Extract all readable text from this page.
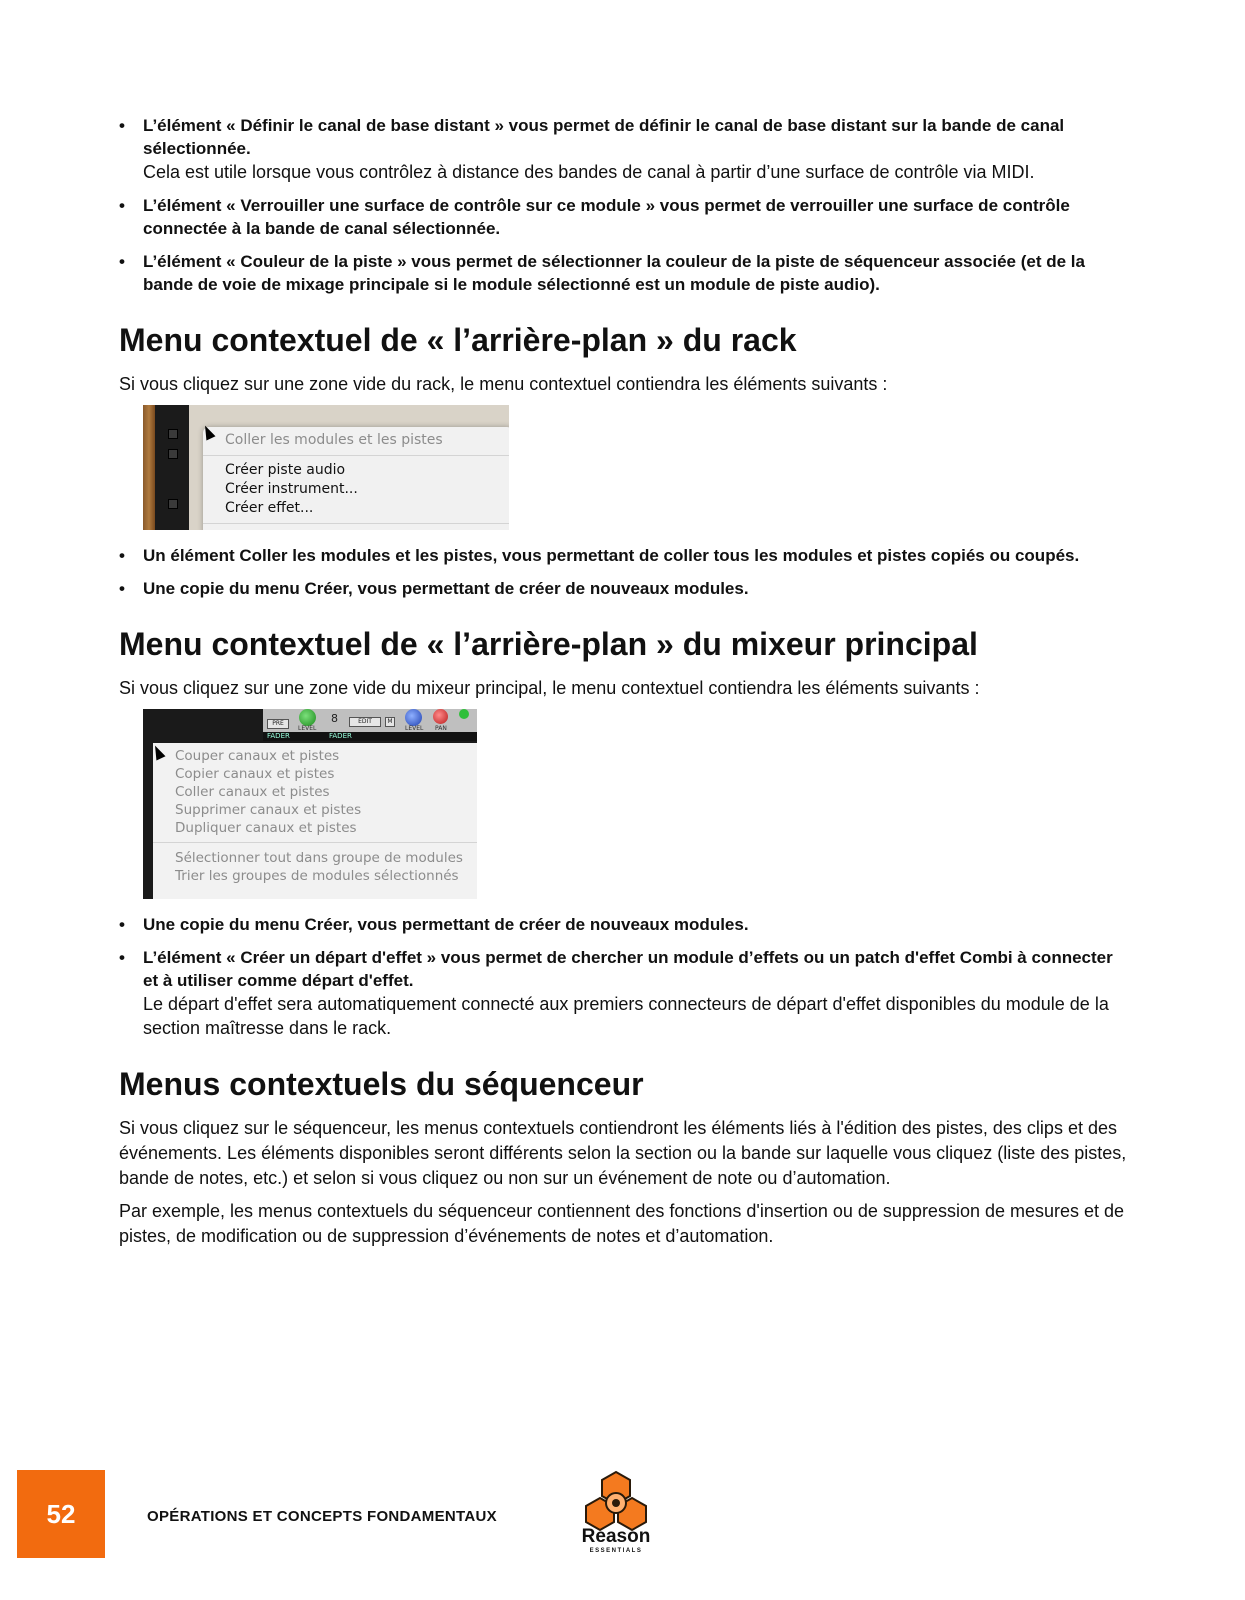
• L’élément « Définir le canal de base distant » vous permet de définir le canal de base distant sur la bande de canal sélectionnée.
Cela est utile lorsque vous contrôlez à distance des bandes de canal à partir d’une surface de contrôle via MIDI.
• L’élément « Verrouiller une surface de contrôle sur ce module » vous permet de verrouiller une surface de contrôle connectée à la bande de canal sélectionnée.
• L’élément « Couleur de la piste » vous permet de sélectionner la couleur de la piste de séquenceur associée (et de la bande de voie de mixage principale si le module sélectionné est un module de piste audio).
Menu contextuel de « l’arrière-plan » du rack

Si vous cliquez sur une zone vide du rack, le menu contextuel contiendra les éléments suivants :

Coller les modules et les pistes
Créer piste audio
Créer instrument...
Créer effet...
• Un élément Coller les modules et les pistes, vous permettant de coller tous les modules et pistes copiés ou coupés.
• Une copie du menu Créer, vous permettant de créer de nouveaux modules.
Menu contextuel de « l’arrière-plan » du mixeur principal

Si vous cliquez sur une zone vide du mixeur principal, le menu contextuel contiendra les éléments suivants :

PRE
LEVEL
8	EDIT	M
LEVEL PAN
FADER	FADER
Couper canaux et pistes
Copier canaux et pistes
Coller canaux et pistes
Supprimer canaux et pistes
Dupliquer canaux et pistes
Sélectionner tout dans groupe de modules
Trier les groupes de modules sélectionnés
• Une copie du menu Créer, vous permettant de créer de nouveaux modules.
• L’élément « Créer un départ d'effet » vous permet de chercher un module d’effets ou un patch d'effet Combi à connecter et à utiliser comme départ d'effet.
Le départ d'effet sera automatiquement connecté aux premiers connecteurs de départ d'effet disponibles du module de la section maîtresse dans le rack.
Menus contextuels du séquenceur

Si vous cliquez sur le séquenceur, les menus contextuels contiendront les éléments liés à l'édition des pistes, des clips et des événements. Les éléments disponibles seront différents selon la section ou la bande sur laquelle vous cliquez (liste des pistes, bande de notes, etc.) et selon si vous cliquez ou non sur un événement de note ou d’automation.

Par exemple, les menus contextuels du séquenceur contiennent des fonctions d'insertion ou de suppression de mesures et de pistes, de modification ou de suppression d’événements de notes et d’automation.

52	OPÉRATIONS ET CONCEPTS FONDAMENTAUX
Reason
ESSENTIALS
